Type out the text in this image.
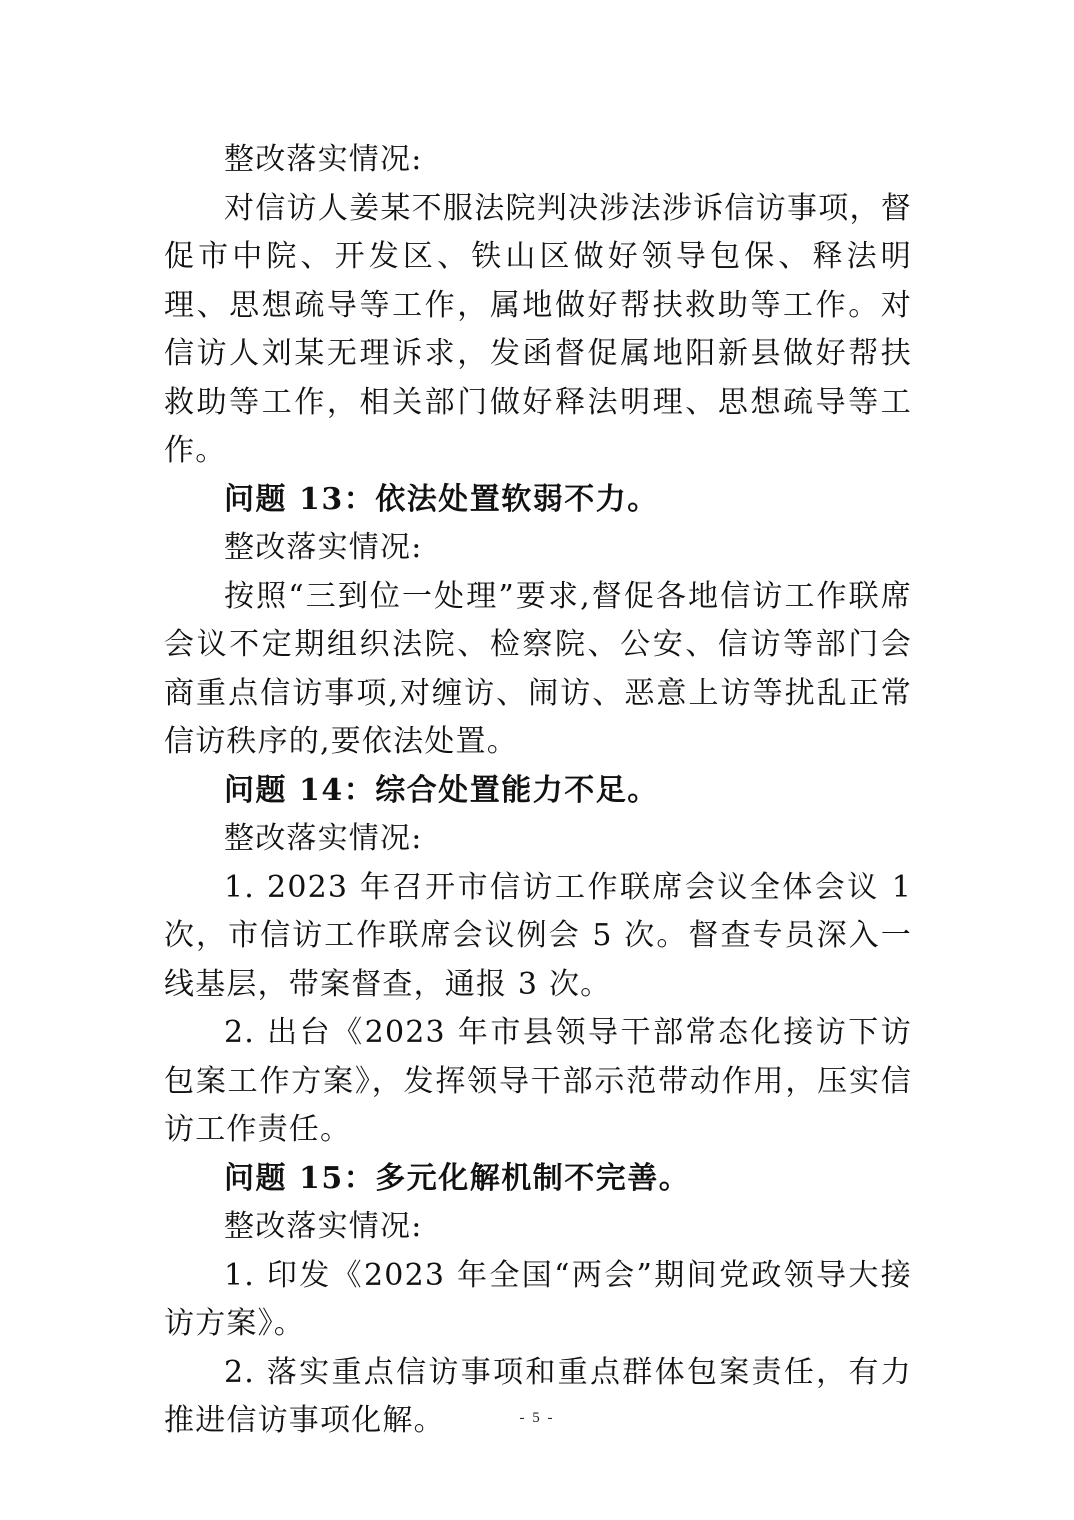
整改落实情况:

对信访人姜某不服法院判决涉法涉诉信访事项，督促市中院、开发区、铁山区做好领导包保、释法明理、思想疏导等工作，属地做好帮扶救助等工作。对信访人刘某无理诉求，发函督促属地阳新县做好帮扶救助等工作，相关部门做好释法明理、思想疏导等工作。

问题 13：依法处置软弱不力。

整改落实情况:

按照“三到位一处理”要求,督促各地信访工作联席会议不定期组织法院、检察院、公安、信访等部门会商重点信访事项,对缠访、闹访、恶意上访等扰乱正常信访秩序的,要依法处置。

问题 14：综合处置能力不足。

整改落实情况:

1. 2023 年召开市信访工作联席会议全体会议 1 次，市信访工作联席会议例会 5 次。督查专员深入一线基层，带案督查，通报 3 次。

2. 出台《2023 年市县领导干部常态化接访下访包案工作方案》，发挥领导干部示范带动作用，压实信访工作责任。

问题 15：多元化解机制不完善。

整改落实情况:

1. 印发《2023 年全国“两会”期间党政领导大接访方案》。

2. 落实重点信访事项和重点群体包案责任，有力推进信访事项化解。	- 5 -
